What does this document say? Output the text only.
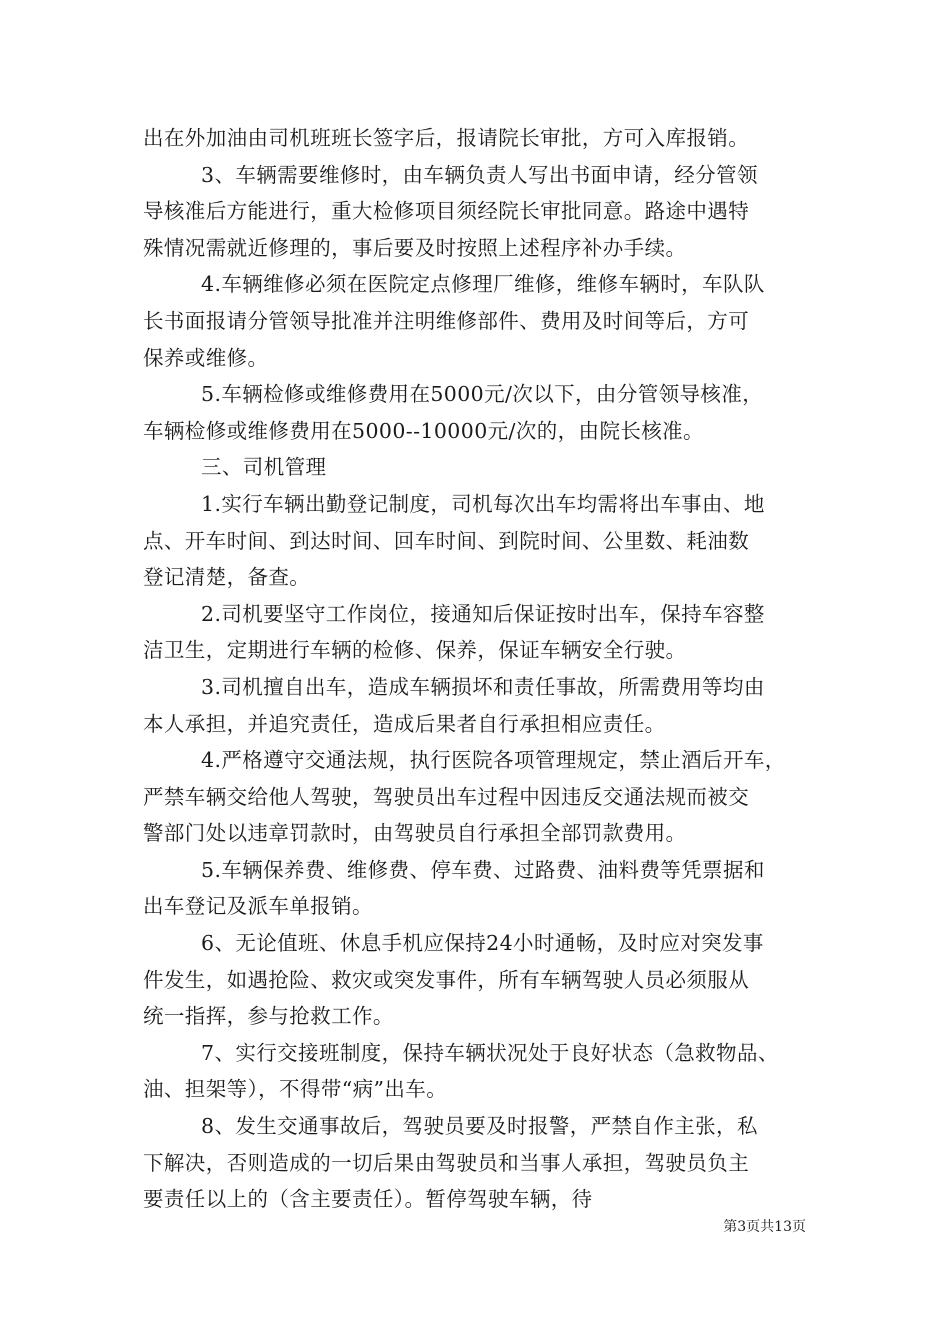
出在外加油由司机班班长签字后，报请院长审批，方可入库报销。
3、车辆需要维修时，由车辆负责人写出书面申请，经分管领
导核准后方能进行，重大检修项目须经院长审批同意。路途中遇特
殊情况需就近修理的，事后要及时按照上述程序补办手续。
4.车辆维修必须在医院定点修理厂维修，维修车辆时，车队队
长书面报请分管领导批准并注明维修部件、费用及时间等后，方可
保养或维修。
5.车辆检修或维修费用在5000元/次以下，由分管领导核准，
车辆检修或维修费用在5000--10000元/次的，由院长核准。
三、司机管理
1.实行车辆出勤登记制度，司机每次出车均需将出车事由、地
点、开车时间、到达时间、回车时间、到院时间、公里数、耗油数
登记清楚，备查。
2.司机要坚守工作岗位，接通知后保证按时出车，保持车容整
洁卫生，定期进行车辆的检修、保养，保证车辆安全行驶。
3.司机擅自出车，造成车辆损坏和责任事故，所需费用等均由
本人承担，并追究责任，造成后果者自行承担相应责任。
4.严格遵守交通法规，执行医院各项管理规定，禁止酒后开车，
严禁车辆交给他人驾驶，驾驶员出车过程中因违反交通法规而被交
警部门处以违章罚款时，由驾驶员自行承担全部罚款费用。
5.车辆保养费、维修费、停车费、过路费、油料费等凭票据和
出车登记及派车单报销。
6、无论值班、休息手机应保持24小时通畅，及时应对突发事
件发生，如遇抢险、救灾或突发事件，所有车辆驾驶人员必须服从
统一指挥，参与抢救工作。
7、实行交接班制度，保持车辆状况处于良好状态（急救物品、
油、担架等），不得带“病”出车。
8、发生交通事故后，驾驶员要及时报警，严禁自作主张，私
下解决，否则造成的一切后果由驾驶员和当事人承担，驾驶员负主
要责任以上的（含主要责任）。暂停驾驶车辆，待
第3页共13页
